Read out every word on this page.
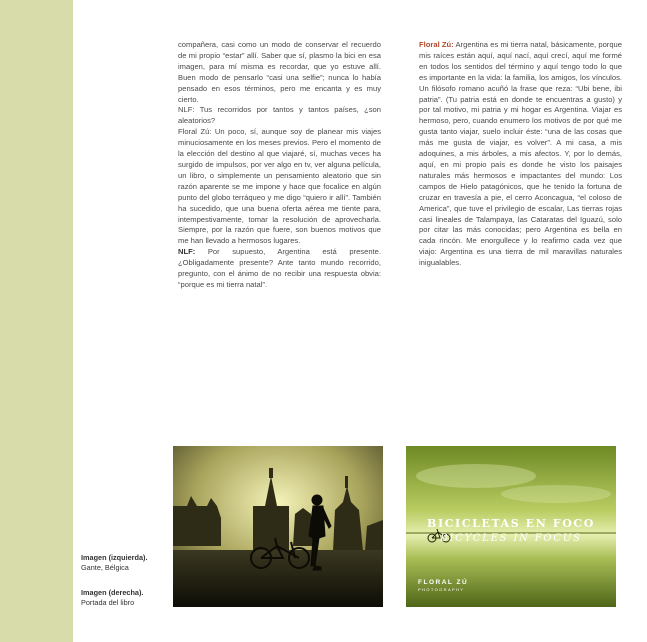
compañera, casi como un modo de conservar el recuerdo de mi propio “estar” allí. Saber que sí, plasmo la bici en esa imagen, para mí misma es recordar, que yo estuve allí. Buen modo de pensarlo “casi una selfie”; nunca lo había pensado en esos términos, pero me encanta y es muy cierto.

NLF: Tus recorridos por tantos y tantos países, ¿son aleatorios?

Floral Zú: Un poco, sí, aunque soy de planear mis viajes minuciosamente en los meses previos. Pero el momento de la elección del destino al que viajaré, sí, muchas veces ha surgido de impulsos, por ver algo en tv, ver alguna película, un libro, o simplemente un pensamiento aleatorio que sin razón aparente se me impone y hace que focalice en algún punto del globo terráqueo y me digo “quiero ir allí”. También ha sucedido, que una buena oferta aérea me tiente para, intempestivamente, tomar la resolución de aprovecharla. Siempre, por la razón que fuere, son buenos motivos que me han llevado a hermosos lugares.

NLF: Por supuesto, Argentina está presente. ¿Obligadamente presente? Ante tanto mundo recorrido, pregunto, con el ánimo de no recibir una respuesta obvia: “porque es mi tierra natal”.

Floral Zú: Argentina es mi tierra natal, básicamente, porque mis raíces están aquí, aquí nací, aquí crecí, aquí me formé en todos los sentidos del término y aquí tengo todo lo que es importante en la vida: la familia, los amigos, los vínculos. Un filósofo romano acuñó la frase que reza: “Ubi bene, ibi patria”. (Tu patria está en donde te encuentras a gusto) y por tal motivo, mi patria y mi hogar es Argentina. Viajar es hermoso, pero, cuando enumero los motivos de por qué me gusta tanto viajar, suelo incluir éste: “una de las cosas que más me gusta de viajar, es volver”. A mi casa, a mis adoquines, a mis árboles, a mis afectos. Y, por lo demás, aquí, en mi propio país es donde he visto los paisajes naturales más hermosos e impactantes del mundo: Los campos de Hielo patagónicos, que he tenido la fortuna de cruzar en travesía a pie, el cerro Aconcagua, “el coloso de America”, que tuve el privilegio de escalar, Las tierras rojas casi lineales de Talampaya, las Cataratas del Iguazú, solo por citar las más conocidas; pero Argentina es bella en cada rincón. Me enorgullece y lo reafirmo cada vez que viajo: Argentina es una tierra de mil maravillas naturales inigualables.

Imagen (izquierda).
Gante, Bélgica
Imagen (derecha).
Portada del libro
BICICLETAS EN FOCO
BICYCLES IN FOCUS
FLORAL ZÚ
PHOTOGRAPHY
